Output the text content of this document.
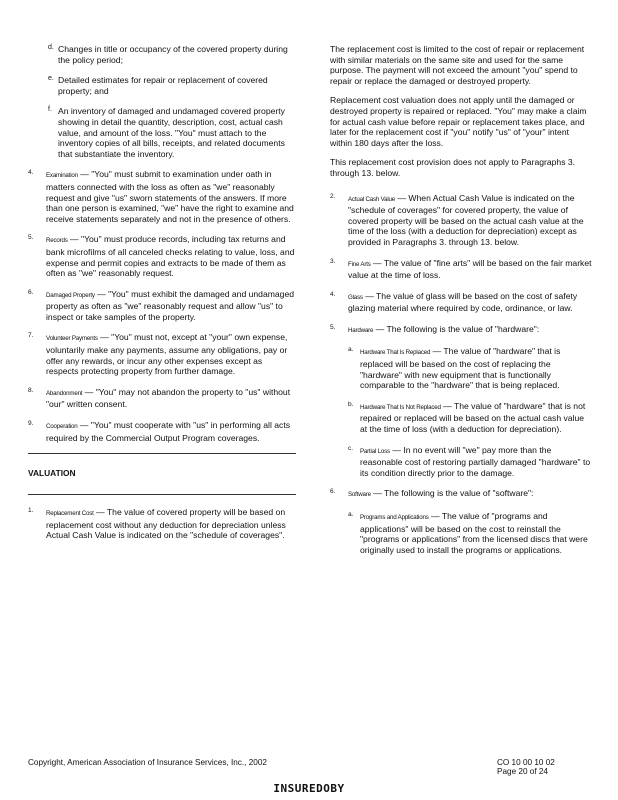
d. Changes in title or occupancy of the covered property during the policy period;

e. Detailed estimates for repair or replacement of covered property; and

f. An inventory of damaged and undamaged covered property showing in detail the quantity, description, cost, actual cash value, and amount of the loss. "You" must attach to the inventory copies of all bills, receipts, and related documents that substantiate the inventory.

4. Examination — "You" must submit to examination under oath in matters connected with the loss as often as "we" reasonably request and give "us" sworn statements of the answers. If more than one person is examined, "we" have the right to examine and receive statements separately and not in the presence of others.

5. Records — "You" must produce records, including tax returns and bank microfilms of all canceled checks relating to value, loss, and expense and permit copies and extracts to be made of them as often as "we" reasonably request.

6. Damaged Property — "You" must exhibit the damaged and undamaged property as often as "we" reasonably request and allow "us" to inspect or take samples of the property.

7. Volunteer Payments — "You" must not, except at "your" own expense, voluntarily make any payments, assume any obligations, pay or offer any rewards, or incur any other expenses except as respects protecting property from further damage.

8. Abandonment — "You" may not abandon the property to "us" without "our" written consent.

9. Cooperation — "You" must cooperate with "us" in performing all acts required by the Commercial Output Program coverages.

VALUATION
1. Replacement Cost — The value of covered property will be based on replacement cost without any deduction for depreciation unless Actual Cash Value is indicated on the "schedule of coverages".

The replacement cost is limited to the cost of repair or replacement with similar materials on the same site and used for the same purpose. The payment will not exceed the amount "you" spend to repair or replace the damaged or destroyed property.

Replacement cost valuation does not apply until the damaged or destroyed property is repaired or replaced. "You" may make a claim for actual cash value before repair or replacement takes place, and later for the replacement cost if "you" notify "us" of "your" intent within 180 days after the loss.

This replacement cost provision does not apply to Paragraphs 3. through 13. below.

2. Actual Cash Value — When Actual Cash Value is indicated on the "schedule of coverages" for covered property, the value of covered property will be based on the actual cash value at the time of the loss (with a deduction for depreciation) except as provided in Paragraphs 3. through 13. below.

3. Fine Arts — The value of "fine arts" will be based on the fair market value at the time of loss.

4. Glass — The value of glass will be based on the cost of safety glazing material where required by code, ordinance, or law.

5. Hardware — The following is the value of "hardware":

a. Hardware That Is Replaced — The value of "hardware" that is replaced will be based on the cost of replacing the "hardware" with new equipment that is functionally comparable to the "hardware" that is being replaced.

b. Hardware That Is Not Replaced — The value of "hardware" that is not repaired or replaced will be based on the actual cash value at the time of loss (with a deduction for depreciation).

c. Partial Loss — In no event will "we" pay more than the reasonable cost of restoring partially damaged "hardware" to its condition directly prior to the damage.

6. Software — The following is the value of "software":

a. Programs and Applications — The value of "programs and applications" will be based on the cost to reinstall the "programs or applications" from the licensed discs that were originally used to install the programs or applications.

Copyright, American Association of Insurance Services, Inc., 2002	CO 10 00 10 02
Page 20 of 24
INSUREDOBY
